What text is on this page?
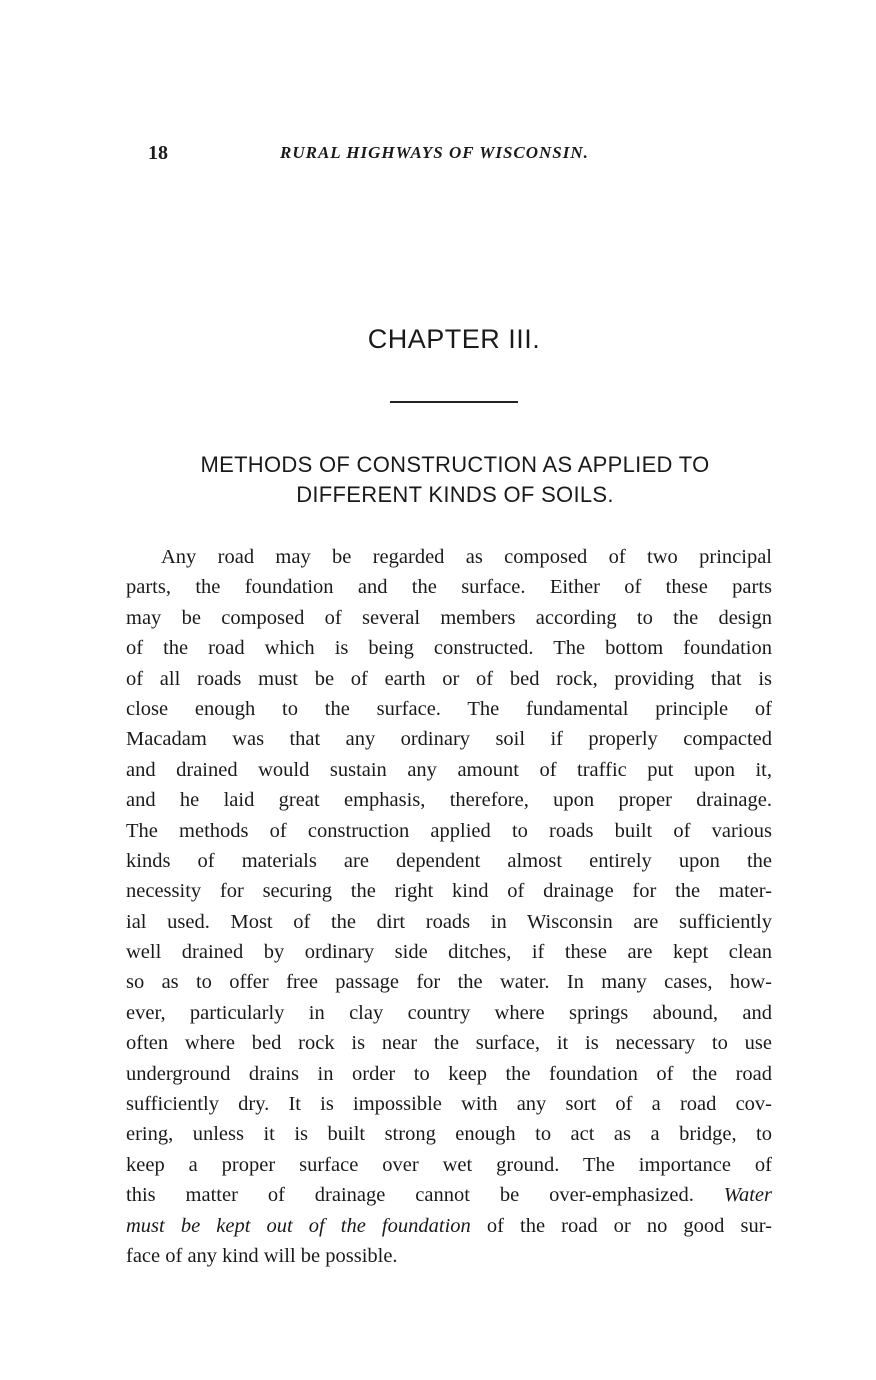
18	RURAL HIGHWAYS OF WISCONSIN.
CHAPTER III.
METHODS OF CONSTRUCTION AS APPLIED TO
DIFFERENT KINDS OF SOILS.
Any road may be regarded as composed of two principal
parts, the foundation and the surface. Either of these parts
may be composed of several members according to the design
of the road which is being constructed. The bottom foundation
of all roads must be of earth or of bed rock, providing that is
close enough to the surface. The fundamental principle of
Macadam was that any ordinary soil if properly compacted
and drained would sustain any amount of traffic put upon it,
and he laid great emphasis, therefore, upon proper drainage.
The methods of construction applied to roads built of various
kinds of materials are dependent almost entirely upon the
necessity for securing the right kind of drainage for the mater-
ial used. Most of the dirt roads in Wisconsin are sufficiently
well drained by ordinary side ditches, if these are kept clean
so as to offer free passage for the water. In many cases, how-
ever, particularly in clay country where springs abound, and
often where bed rock is near the surface, it is necessary to use
underground drains in order to keep the foundation of the road
sufficiently dry. It is impossible with any sort of a road cov-
ering, unless it is built strong enough to act as a bridge, to
keep a proper surface over wet ground. The importance of
this matter of drainage cannot be over-emphasized. Water
must be kept out of the foundation of the road or no good sur-
face of any kind will be possible.
